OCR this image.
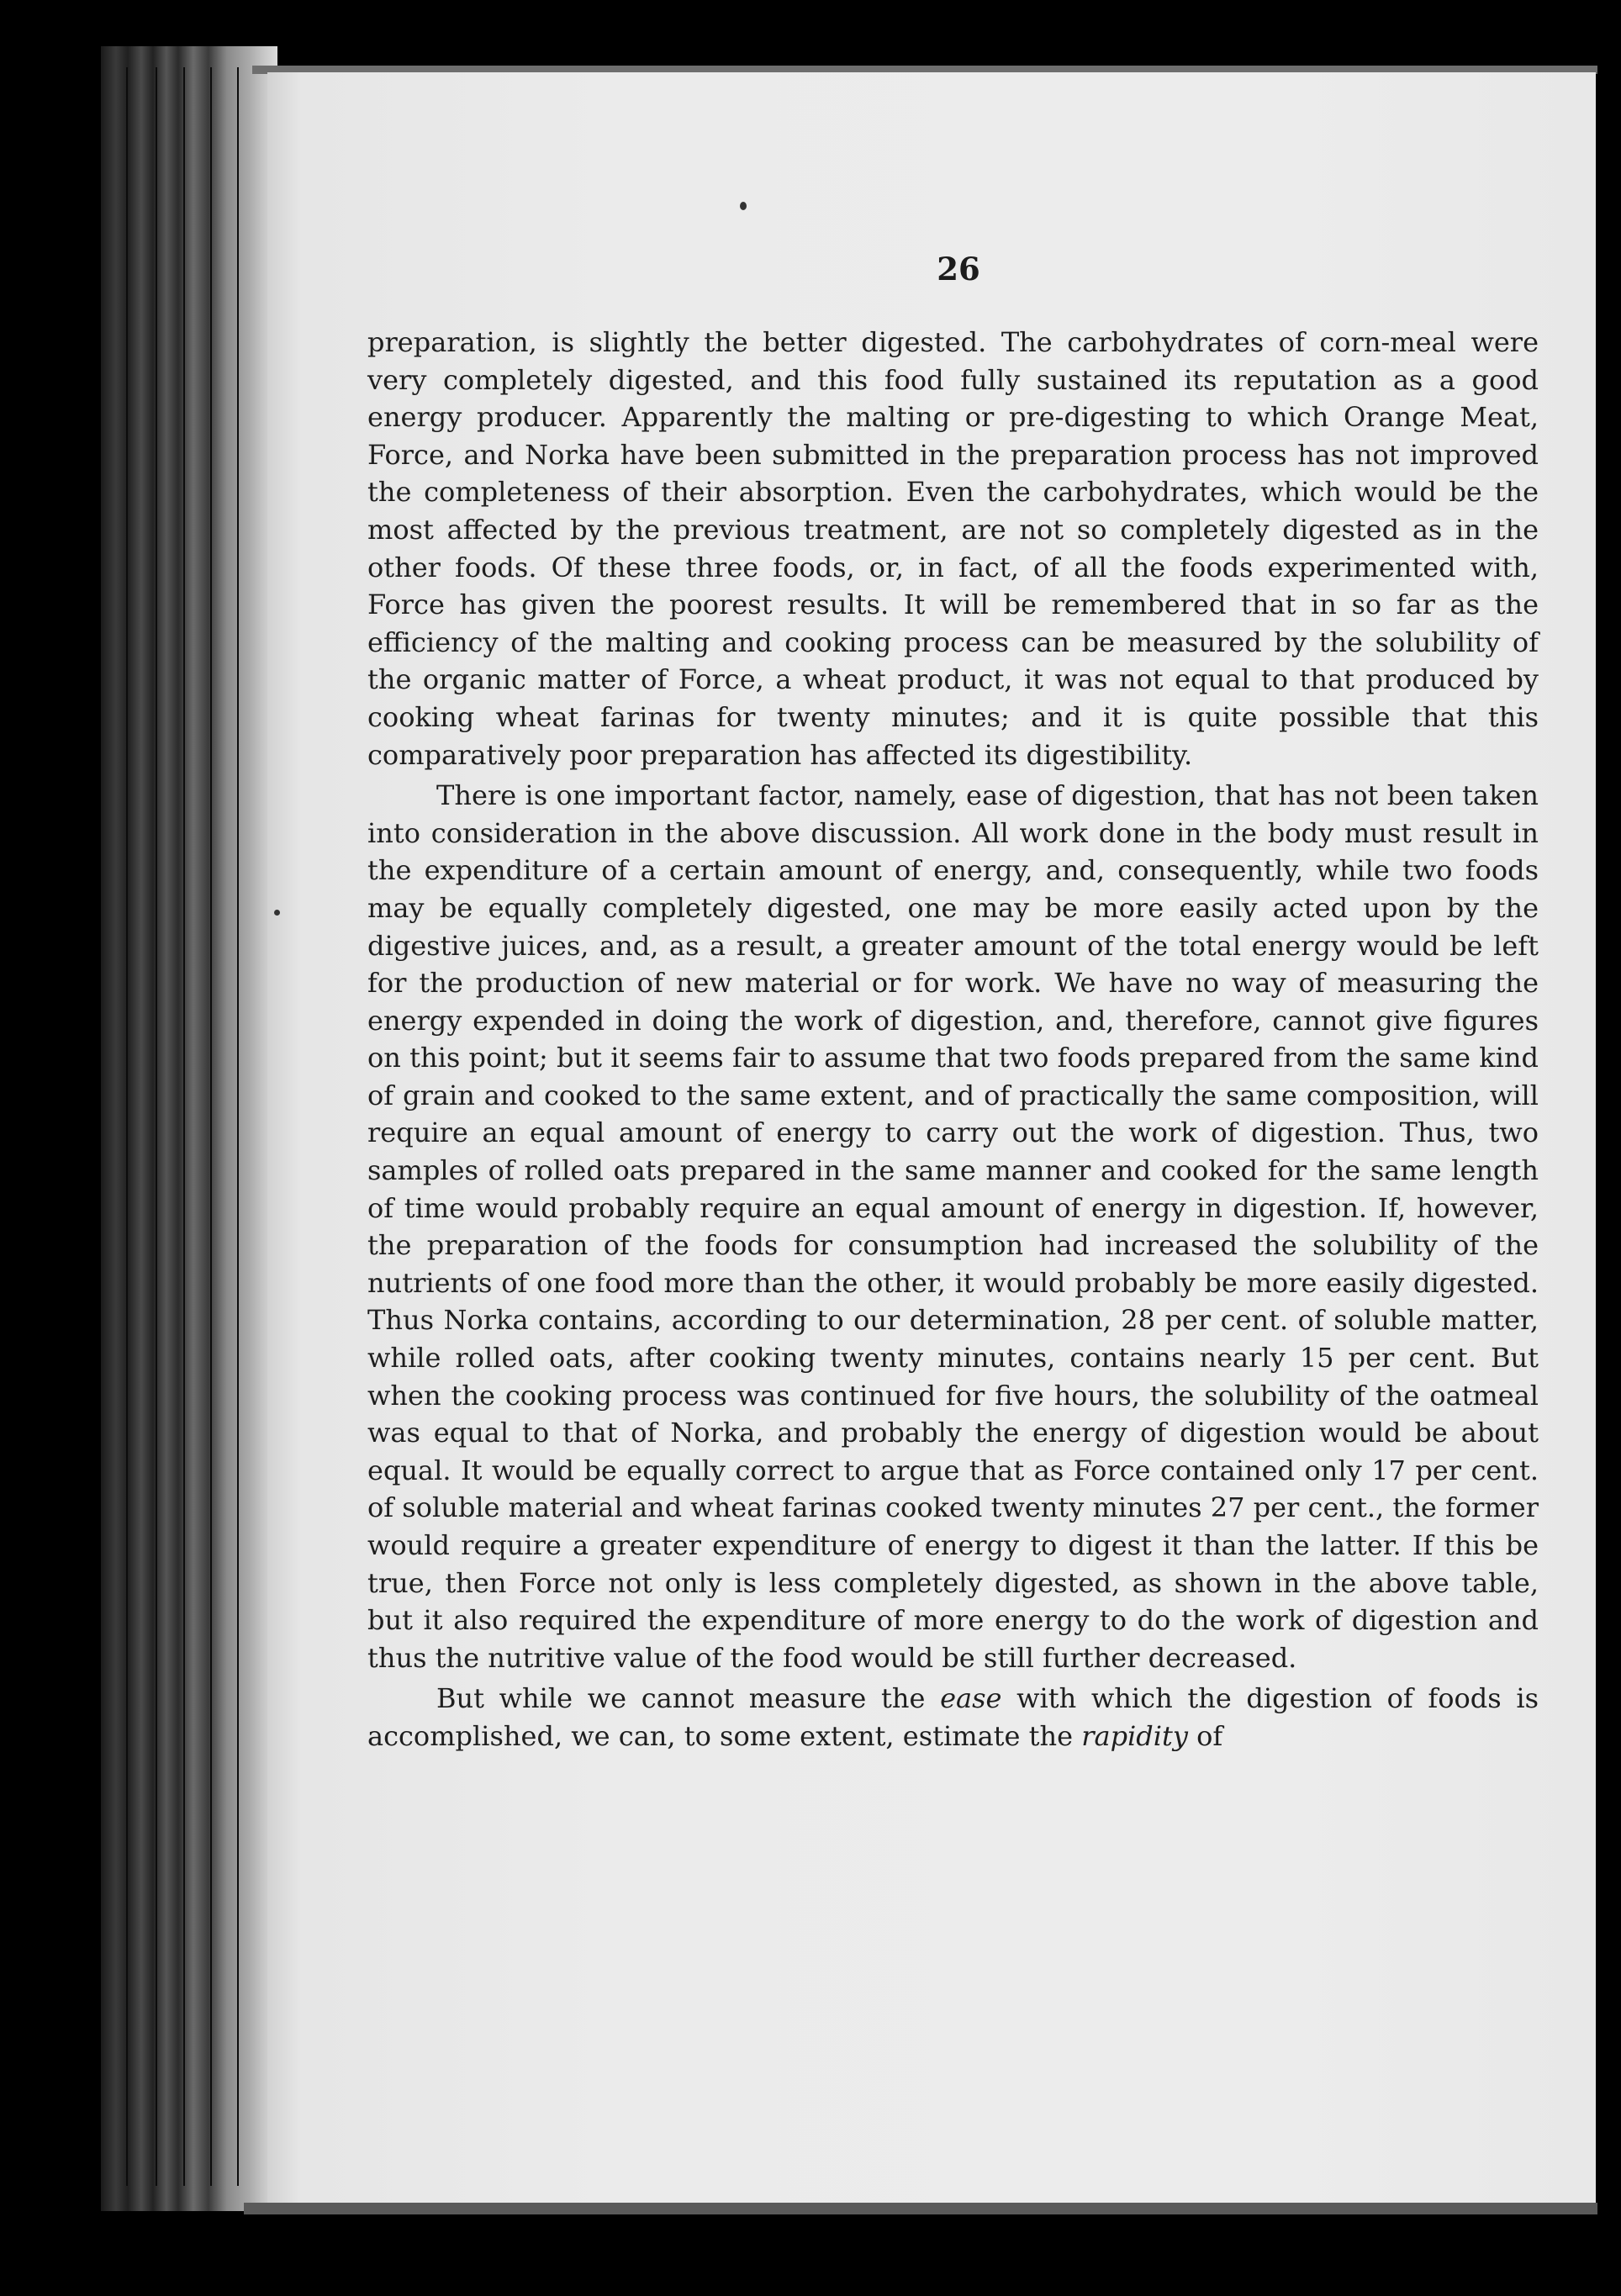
26

preparation, is slightly the better digested. The carbohydrates of corn-meal were very completely digested, and this food fully sustained its reputation as a good energy producer. Apparently the malting or pre-digesting to which Orange Meat, Force, and Norka have been submitted in the preparation process has not improved the completeness of their absorption. Even the carbohydrates, which would be the most affected by the previous treatment, are not so completely digested as in the other foods. Of these three foods, or, in fact, of all the foods experimented with, Force has given the poorest results. It will be remembered that in so far as the efficiency of the malting and cooking process can be measured by the solubility of the organic matter of Force, a wheat product, it was not equal to that produced by cooking wheat farinas for twenty minutes; and it is quite possible that this comparatively poor preparation has affected its digestibility.

There is one important factor, namely, ease of digestion, that has not been taken into consideration in the above discussion. All work done in the body must result in the expenditure of a certain amount of energy, and, consequently, while two foods may be equally completely digested, one may be more easily acted upon by the digestive juices, and, as a result, a greater amount of the total energy would be left for the production of new material or for work. We have no way of measuring the energy expended in doing the work of digestion, and, therefore, cannot give figures on this point; but it seems fair to assume that two foods prepared from the same kind of grain and cooked to the same extent, and of practically the same composition, will require an equal amount of energy to carry out the work of digestion. Thus, two samples of rolled oats prepared in the same manner and cooked for the same length of time would probably require an equal amount of energy in digestion. If, however, the preparation of the foods for consumption had increased the solubility of the nutrients of one food more than the other, it would probably be more easily digested. Thus Norka contains, according to our determination, 28 per cent. of soluble matter, while rolled oats, after cooking twenty minutes, contains nearly 15 per cent. But when the cooking process was continued for five hours, the solubility of the oatmeal was equal to that of Norka, and probably the energy of digestion would be about equal. It would be equally correct to argue that as Force contained only 17 per cent. of soluble material and wheat farinas cooked twenty minutes 27 per cent., the former would require a greater expenditure of energy to digest it than the latter. If this be true, then Force not only is less completely digested, as shown in the above table, but it also required the expenditure of more energy to do the work of digestion and thus the nutritive value of the food would be still further decreased.

But while we cannot measure the ease with which the digestion of foods is accomplished, we can, to some extent, estimate the rapidity of
